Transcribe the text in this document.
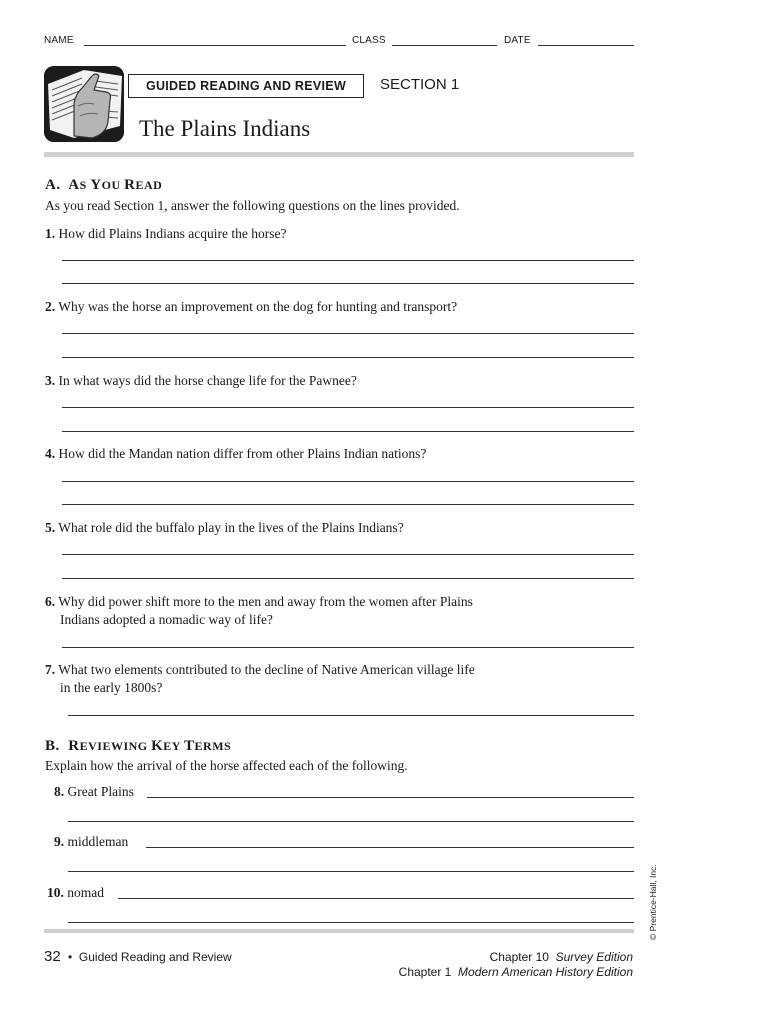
NAME	CLASS	DATE
GUIDED READING AND REVIEW	SECTION 1
The Plains Indians
A. AS YOU READ
As you read Section 1, answer the following questions on the lines provided.
1. How did Plains Indians acquire the horse?
2. Why was the horse an improvement on the dog for hunting and transport?
3. In what ways did the horse change life for the Pawnee?
4. How did the Mandan nation differ from other Plains Indian nations?
5. What role did the buffalo play in the lives of the Plains Indians?
6. Why did power shift more to the men and away from the women after Plains
Indians adopted a nomadic way of life?
7. What two elements contributed to the decline of Native American village life
in the early 1800s?
B. REVIEWING KEY TERMS
Explain how the arrival of the horse affected each of the following.
8. Great Plains
9. middleman
10. nomad	© Prentice-Hall, Inc.
32 • Guided Reading and Review	Chapter 10 Survey Edition
Chapter 1 Modern American History Edition
